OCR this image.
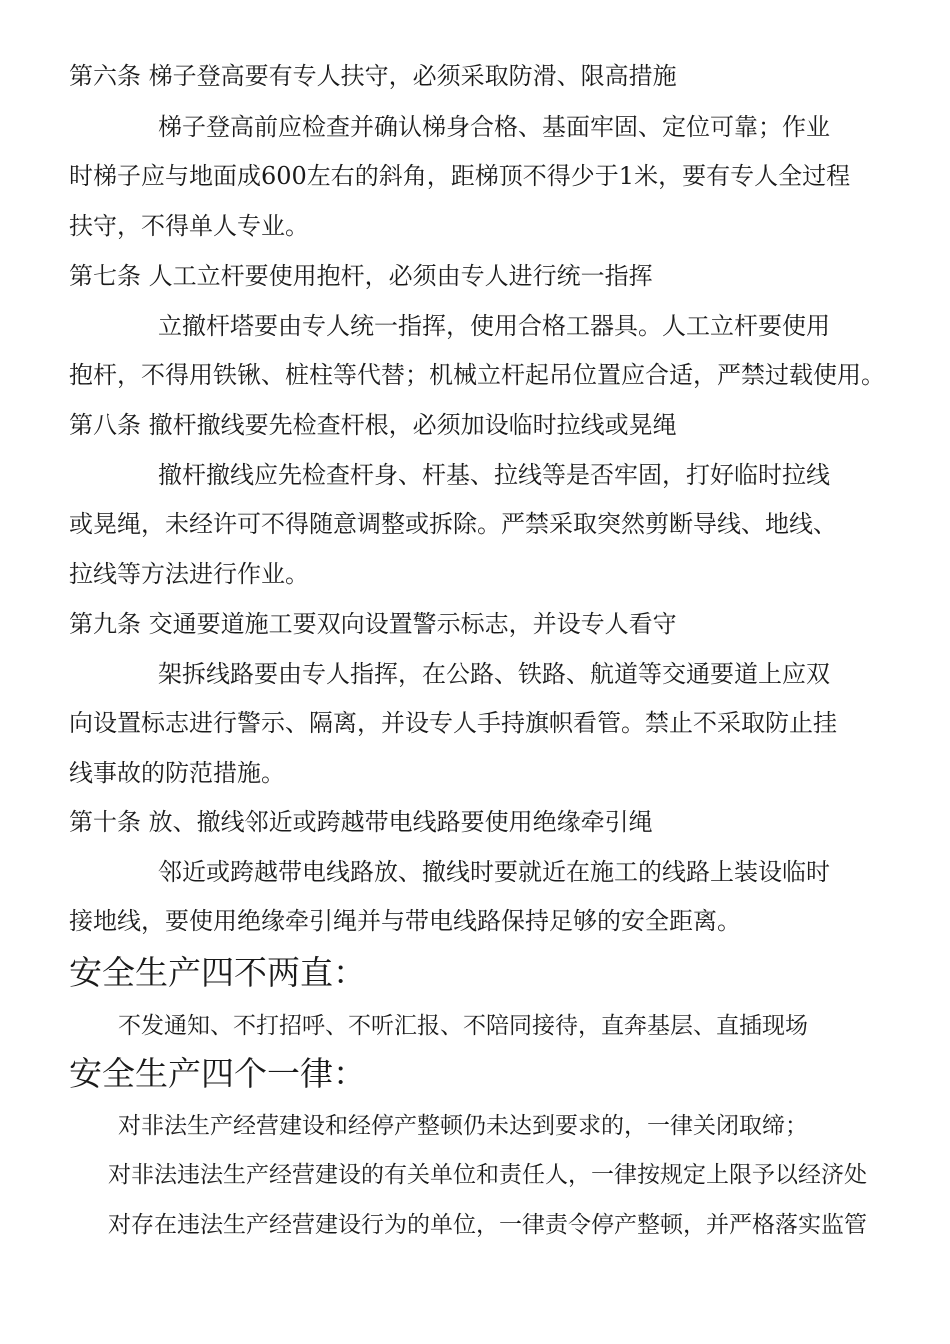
第六条 梯子登高要有专人扶守，必须采取防滑、限高措施
梯子登高前应检查并确认梯身合格、基面牢固、定位可靠；作业
时梯子应与地面成600左右的斜角，距梯顶不得少于1米，要有专人全过程
扶守，不得单人专业。
第七条 人工立杆要使用抱杆，必须由专人进行统一指挥
立撤杆塔要由专人统一指挥，使用合格工器具。人工立杆要使用
抱杆，不得用铁锹、桩柱等代替；机械立杆起吊位置应合适，严禁过载使用。
第八条 撤杆撤线要先检查杆根，必须加设临时拉线或晃绳
撤杆撤线应先检查杆身、杆基、拉线等是否牢固，打好临时拉线
或晃绳，未经许可不得随意调整或拆除。严禁采取突然剪断导线、地线、
拉线等方法进行作业。
第九条 交通要道施工要双向设置警示标志，并设专人看守
架拆线路要由专人指挥，在公路、铁路、航道等交通要道上应双
向设置标志进行警示、隔离，并设专人手持旗帜看管。禁止不采取防止挂
线事故的防范措施。
第十条 放、撤线邻近或跨越带电线路要使用绝缘牵引绳
邻近或跨越带电线路放、撤线时要就近在施工的线路上装设临时
接地线，要使用绝缘牵引绳并与带电线路保持足够的安全距离。
安全生产四不两直：
不发通知、不打招呼、不听汇报、不陪同接待，直奔基层、直插现场
安全生产四个一律：
对非法生产经营建设和经停产整顿仍未达到要求的，一律关闭取缔；
对非法违法生产经营建设的有关单位和责任人，一律按规定上限予以经济处
对存在违法生产经营建设行为的单位，一律责令停产整顿，并严格落实监管
